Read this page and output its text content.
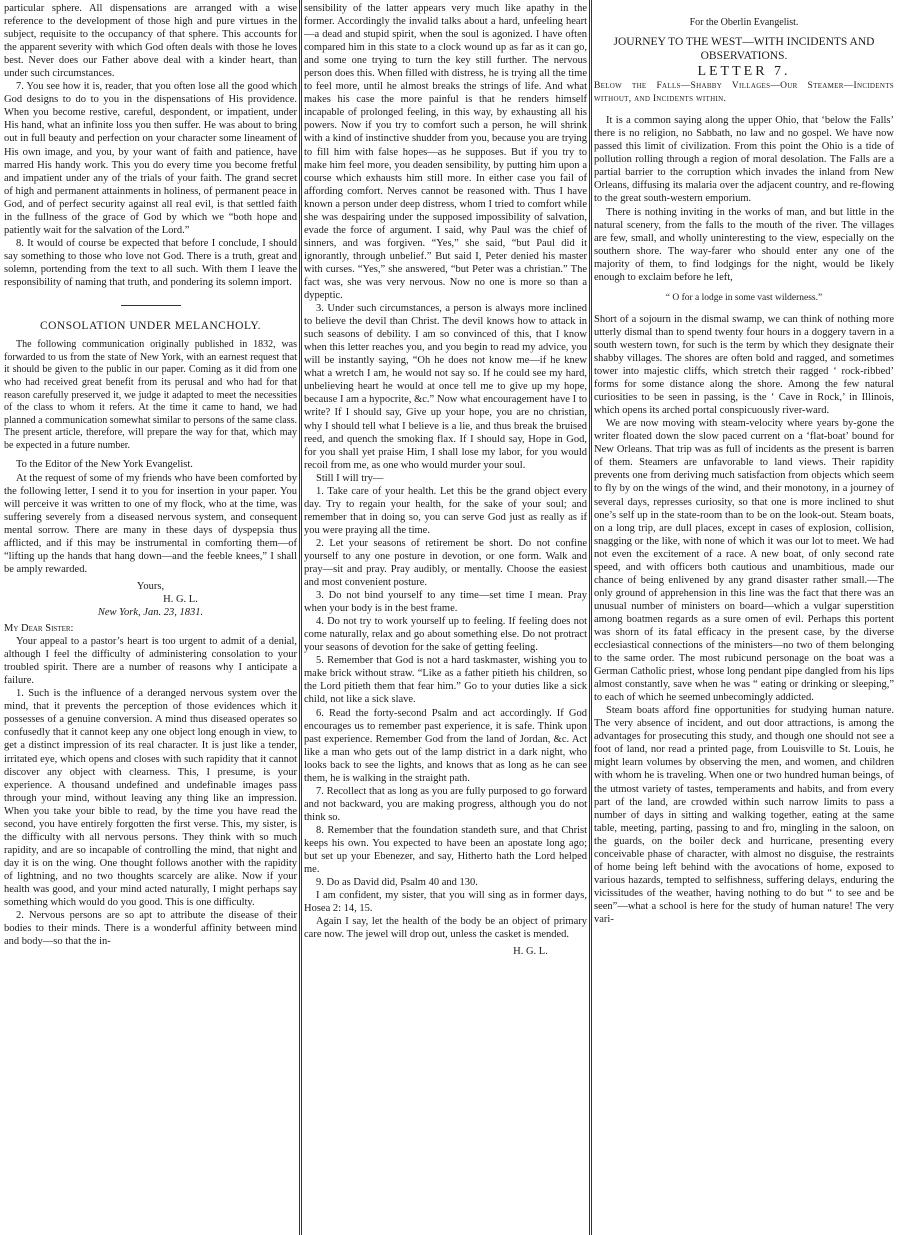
particular sphere. All dispensations are arranged with a wise reference to the development of those high and pure virtues in the subject, requisite to the occupancy of that sphere. This accounts for the apparent severity with which God often deals with those he loves best. Never does our Father above deal with a kinder heart, than under such circumstances.

7. You see how it is, reader, that you often lose all the good which God designs to do to you in the dispensations of His providence. When you become restive, careful, despondent, or impatient, under His hand, what an infinite loss you then suffer. He was about to bring out in full beauty and perfection on your character some lineament of His own image, and you, by your want of faith and patience, have marred His handy work. This you do every time you become fretful and impatient under any of the trials of your faith. The grand secret of high and permanent attainments in holiness, of permanent peace in God, and of perfect security against all real evil, is that settled faith in the fullness of the grace of God by which we “both hope and patiently wait for the salvation of the Lord.”

8. It would of course be expected that before I conclude, I should say something to those who love not God. There is a truth, great and solemn, portending from the text to all such. With them I leave the responsibility of naming that truth, and pondering its solemn import.

CONSOLATION UNDER MELANCHOLY.

The following communication originally published in 1832, was forwarded to us from the state of New York, with an earnest request that it should be given to the public in our paper. Coming as it did from one who had received great benefit from its perusal and who had for that reason carefully preserved it, we judge it adapted to meet the necessities of the class to whom it refers. At the time it came to hand, we had planned a communication somewhat similar to persons of the same class. The present article, therefore, will prepare the way for that, which may be expected in a future number.

To the Editor of the New York Evangelist.

At the request of some of my friends who have been comforted by the following letter, I send it to you for insertion in your paper. You will perceive it was written to one of my flock, who at the time, was suffering severely from a diseased nervous system, and consequent mental sorrow. There are many in these days of dyspepsia thus afflicted, and if this may be instrumental in comforting them—of “lifting up the hands that hang down—and the feeble knees,” I shall be amply rewarded.

Yours,

H. G. L.

New York, Jan. 23, 1831.

My Dear Sister:

Your appeal to a pastor’s heart is too urgent to admit of a denial, although I feel the difficulty of administering consolation to your troubled spirit. There are a number of reasons why I anticipate a failure.

1. Such is the influence of a deranged nervous system over the mind, that it prevents the perception of those evidences which it possesses of a genuine conversion. A mind thus diseased operates so confusedly that it cannot keep any one object long enough in view, to get a distinct impression of its real character. It is just like a tender, irritated eye, which opens and closes with such rapidity that it cannot discover any object with clearness. This, I presume, is your experience. A thousand undefined and undefinable images pass through your mind, without leaving any thing like an impression. When you take your bible to read, by the time you have read the second, you have entirely forgotten the first verse. This, my sister, is the difficulty with all nervous persons. They think with so much rapidity, and are so incapable of controlling the mind, that night and day it is on the wing. One thought follows another with the rapidity of lightning, and no two thoughts scarcely are alike. Now if your health was good, and your mind acted naturally, I might perhaps say something which would do you good. This is one difficulty.

2. Nervous persons are so apt to attribute the disease of their bodies to their minds. There is a wonderful affinity between mind and body—so that the in-

sensibility of the latter appears very much like apathy in the former. Accordingly the invalid talks about a hard, unfeeling heart—a dead and stupid spirit, when the soul is agonized. I have often compared him in this state to a clock wound up as far as it can go, and some one trying to turn the key still further. The nervous person does this. When filled with distress, he is trying all the time to feel more, until he almost breaks the strings of life. And what makes his case the more painful is that he renders himself incapable of prolonged feeling, in this way, by exhausting all his powers. Now if you try to comfort such a person, he will shrink with a kind of instinctive shudder from you, because you are trying to fill him with false hopes—as he supposes. But if you try to make him feel more, you deaden sensibility, by putting him upon a course which exhausts him still more. In either case you fail of affording comfort. Nerves cannot be reasoned with. Thus I have known a person under deep distress, whom I tried to comfort while she was despairing under the supposed impossibility of salvation, evade the force of argument. I said, why Paul was the chief of sinners, and was forgiven. “Yes,” she said, “but Paul did it ignorantly, through unbelief.” But said I, Peter denied his master with curses. “Yes,” she answered, “but Peter was a christian.” The fact was, she was very nervous. Now no one is more so than a dypeptic.

3. Under such circumstances, a person is always more inclined to believe the devil than Christ. The devil knows how to attack in such seasons of debility. I am so convinced of this, that I know when this letter reaches you, and you begin to read my advice, you will be instantly saying, “Oh he does not know me—if he knew what a wretch I am, he would not say so. If he could see my hard, unbelieving heart he would at once tell me to give up my hope, because I am a hypocrite, &c.” Now what encouragement have I to write? If I should say, Give up your hope, you are no christian, why I should tell what I believe is a lie, and thus break the bruised reed, and quench the smoking flax. If I should say, Hope in God, for you shall yet praise Him, I shall lose my labor, for you would recoil from me, as one who would murder your soul.

Still I will try—

1. Take care of your health. Let this be the grand object every day. Try to regain your health, for the sake of your soul; and remember that in doing so, you can serve God just as really as if you were praying all the time.

2. Let your seasons of retirement be short. Do not confine yourself to any one posture in devotion, or one form. Walk and pray—sit and pray. Pray audibly, or mentally. Choose the easiest and most convenient posture.

3. Do not bind yourself to any time—set time I mean. Pray when your body is in the best frame.

4. Do not try to work yourself up to feeling. If feeling does not come naturally, relax and go about something else. Do not protract your seasons of devotion for the sake of getting feeling.

5. Remember that God is not a hard taskmaster, wishing you to make brick without straw. “Like as a father pitieth his children, so the Lord pitieth them that fear him.” Go to your duties like a sick child, not like a sick slave.

6. Read the forty-second Psalm and act accordingly. If God encourages us to remember past experience, it is safe. Think upon past experience. Remember God from the land of Jordan, &c. Act like a man who gets out of the lamp district in a dark night, who looks back to see the lights, and knows that as long as he can see them, he is walking in the straight path.

7. Recollect that as long as you are fully purposed to go forward and not backward, you are making progress, although you do not think so.

8. Remember that the foundation standeth sure, and that Christ keeps his own. You expected to have been an apostate long ago; but set up your Ebenezer, and say, Hitherto hath the Lord helped me.

9. Do as David did, Psalm 40 and 130.

I am confident, my sister, that you will sing as in former days, Hosea 2: 14, 15.

Again I say, let the health of the body be an object of primary care now. The jewel will drop out, unless the casket is mended.

H. G. L.

For the Oberlin Evangelist.

JOURNEY TO THE WEST—WITH INCIDENTS AND OBSERVATIONS.
LETTER 7.

Below the Falls—Shabby Villages—Our Steamer—Incidents without, and Incidents within.

It is a common saying along the upper Ohio, that ‘below the Falls’ there is no religion, no Sabbath, no law and no gospel. We have now passed this limit of civilization. From this point the Ohio is a tide of pollution rolling through a region of moral desolation. The Falls are a partial barrier to the corruption which invades the inland from New Orleans, diffusing its malaria over the adjacent country, and re-flowing to the great south-western emporium.

There is nothing inviting in the works of man, and but little in the natural scenery, from the falls to the mouth of the river. The villages are few, small, and wholly uninteresting to the view, especially on the southern shore. The way-farer who should enter any one of the majority of them, to find lodgings for the night, would be likely enough to exclaim before he left,

“ O for a lodge in some vast wilderness.”

Short of a sojourn in the dismal swamp, we can think of nothing more utterly dismal than to spend twenty four hours in a doggery tavern in a south western town, for such is the term by which they designate their shabby villages. The shores are often bold and ragged, and sometimes tower into majestic cliffs, which stretch their ragged ‘ rock-ribbed’ forms for some distance along the shore. Among the few natural curiosities to be seen in passing, is the ‘ Cave in Rock,’ in Illinois, which opens its arched portal conspicuously river-ward.

We are now moving with steam-velocity where years by-gone the writer floated down the slow paced current on a ‘flat-boat’ bound for New Orleans. That trip was as full of incidents as the present is barren of them. Steamers are unfavorable to land views. Their rapidity prevents one from deriving much satisfaction from objects which seem to fly by on the wings of the wind, and their monotony, in a journey of several days, represses curiosity, so that one is more inclined to shut one’s self up in the state-room than to be on the look-out. Steam boats, on a long trip, are dull places, except in cases of explosion, collision, snagging or the like, with none of which it was our lot to meet. We had not even the excitement of a race. A new boat, of only second rate speed, and with officers both cautious and unambitious, made our chance of being enlivened by any grand disaster rather small.—The only ground of apprehension in this line was the fact that there was an unusual number of ministers on board—which a vulgar superstition among boatmen regards as a sure omen of evil. Perhaps this portent was shorn of its fatal efficacy in the present case, by the diverse ecclesiastical connections of the ministers—no two of them belonging to the same order. The most rubicund personage on the boat was a German Catholic priest, whose long pendant pipe dangled from his lips almost constantly, save when he was “ eating or drinking or sleeping,” to each of which he seemed unbecomingly addicted.

Steam boats afford fine opportunities for studying human nature. The very absence of incident, and out door attractions, is among the advantages for prosecuting this study, and though one should not see a foot of land, nor read a printed page, from Louisville to St. Louis, he might learn volumes by observing the men, and women, and children with whom he is traveling. When one or two hundred human beings, of the utmost variety of tastes, temperaments and habits, and from every part of the land, are crowded within such narrow limits to pass a number of days in sitting and walking together, eating at the same table, meeting, parting, passing to and fro, mingling in the saloon, on the guards, on the boiler deck and hurricane, presenting every conceivable phase of character, with almost no disguise, the restraints of home being left behind with the avocations of home, exposed to various hazards, tempted to selfishness, suffering delays, enduring the vicissitudes of the weather, having nothing to do but “ to see and be seen”—what a school is here for the study of human nature! The very vari-
